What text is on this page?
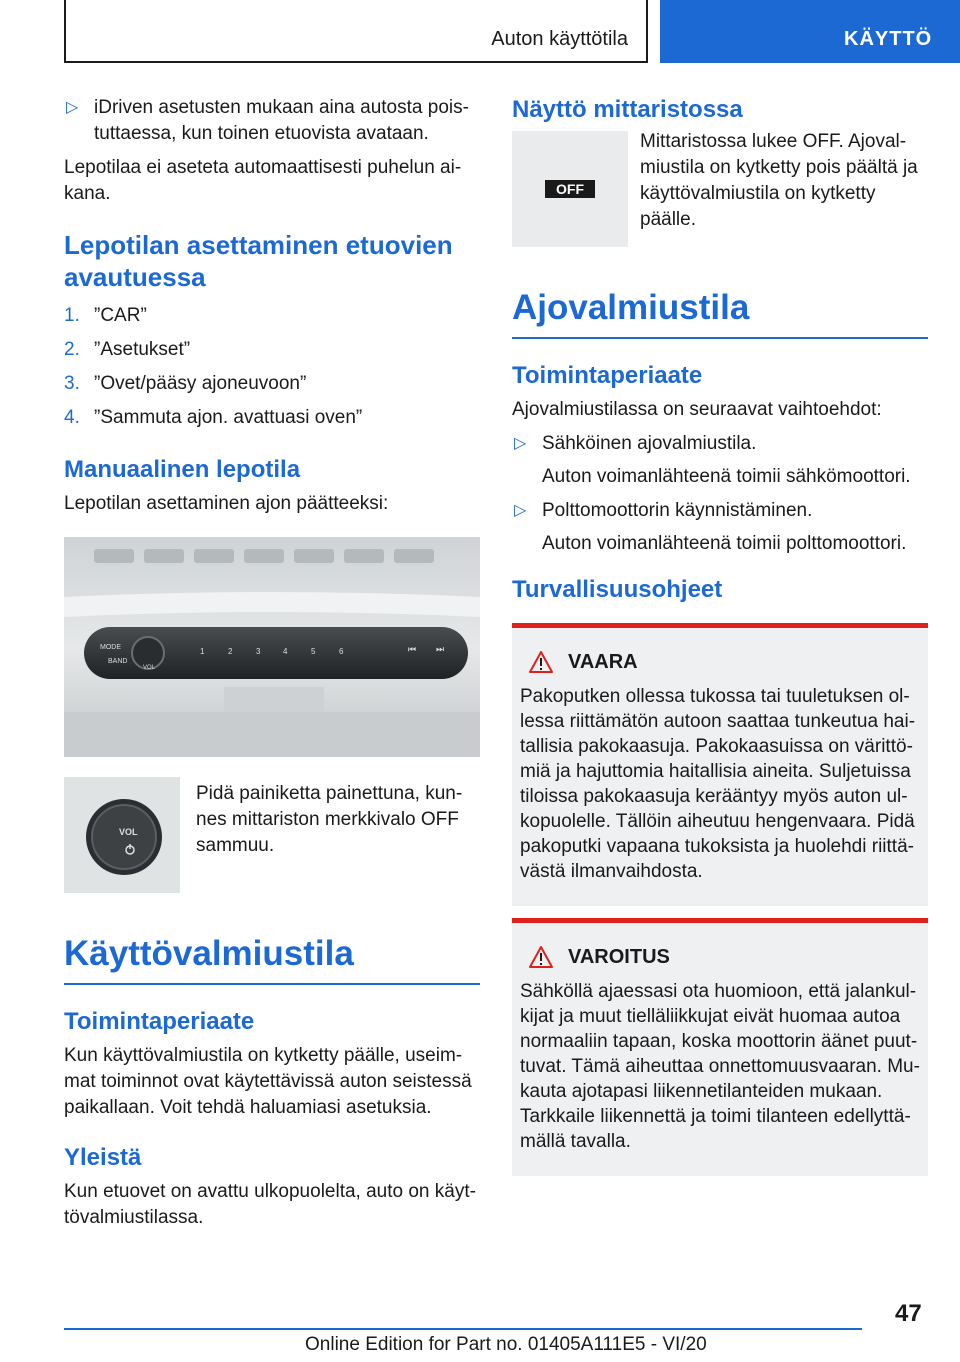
Auton käyttötila	KÄYTTÖ
▷ iDriven asetusten mukaan aina autosta poistuttaessa, kun toinen etuovista avataan.

Lepotilaa ei aseteta automaattisesti puhelun aikana.

Lepotilan asettaminen etuovien avautuessa
1. ”CAR”
2. ”Asetukset”
3. ”Ovet/pääsy ajoneuvoon”
4. ”Sammuta ajon. avattuasi oven”
Manuaalinen lepotila

Lepotilan asettaminen ajon päätteeksi:

MODE
BAND
VOL
1	2	3	4	5	6	⏮ ⏭
VOL

Pidä painiketta painettuna, kunnes mittariston merkkivalo OFF sammuu.

Käyttövalmiustila
Toimintaperiaate

Kun käyttövalmiustila on kytketty päälle, useimmat toiminnot ovat käytettävissä auton seistessä paikallaan. Voit tehdä haluamiasi asetuksia.

Yleistä

Kun etuovet on avattu ulkopuolelta, auto on käyttövalmiustilassa.

Näyttö mittaristossa
OFF

Mittaristossa lukee OFF. Ajovalmiustila on kytketty pois päältä ja käyttövalmiustila on kytketty päälle.

Ajovalmiustila
Toimintaperiaate

Ajovalmiustilassa on seuraavat vaihtoehdot:

▷ Sähköinen ajovalmiustila.
Auton voimanlähteenä toimii sähkömoottori.
▷ Polttomoottorin käynnistäminen.
Auton voimanlähteenä toimii polttomoottori.
Turvallisuusohjeet
VAARA

Pakoputken ollessa tukossa tai tuuletuksen ollessa riittämätön autoon saattaa tunkeutua haitallisia pakokaasuja. Pakokaasuissa on värittömiä ja hajuttomia haitallisia aineita. Suljetuissa tiloissa pakokaasuja kerääntyy myös auton ulkopuolelle. Tällöin aiheutuu hengenvaara. Pidä pakoputki vapaana tukoksista ja huolehdi riittävästä ilmanvaihdosta.

VAROITUS

Sähköllä ajaessasi ota huomioon, että jalankulkijat ja muut tielläliikkujat eivät huomaa autoa normaaliin tapaan, koska moottorin äänet puuttuvat. Tämä aiheuttaa onnettomuusvaaran. Mukauta ajotapasi liikennetilanteiden mukaan. Tarkkaile liikennettä ja toimi tilanteen edellyttämällä tavalla.

47
Online Edition for Part no. 01405A111E5 - VI/20
